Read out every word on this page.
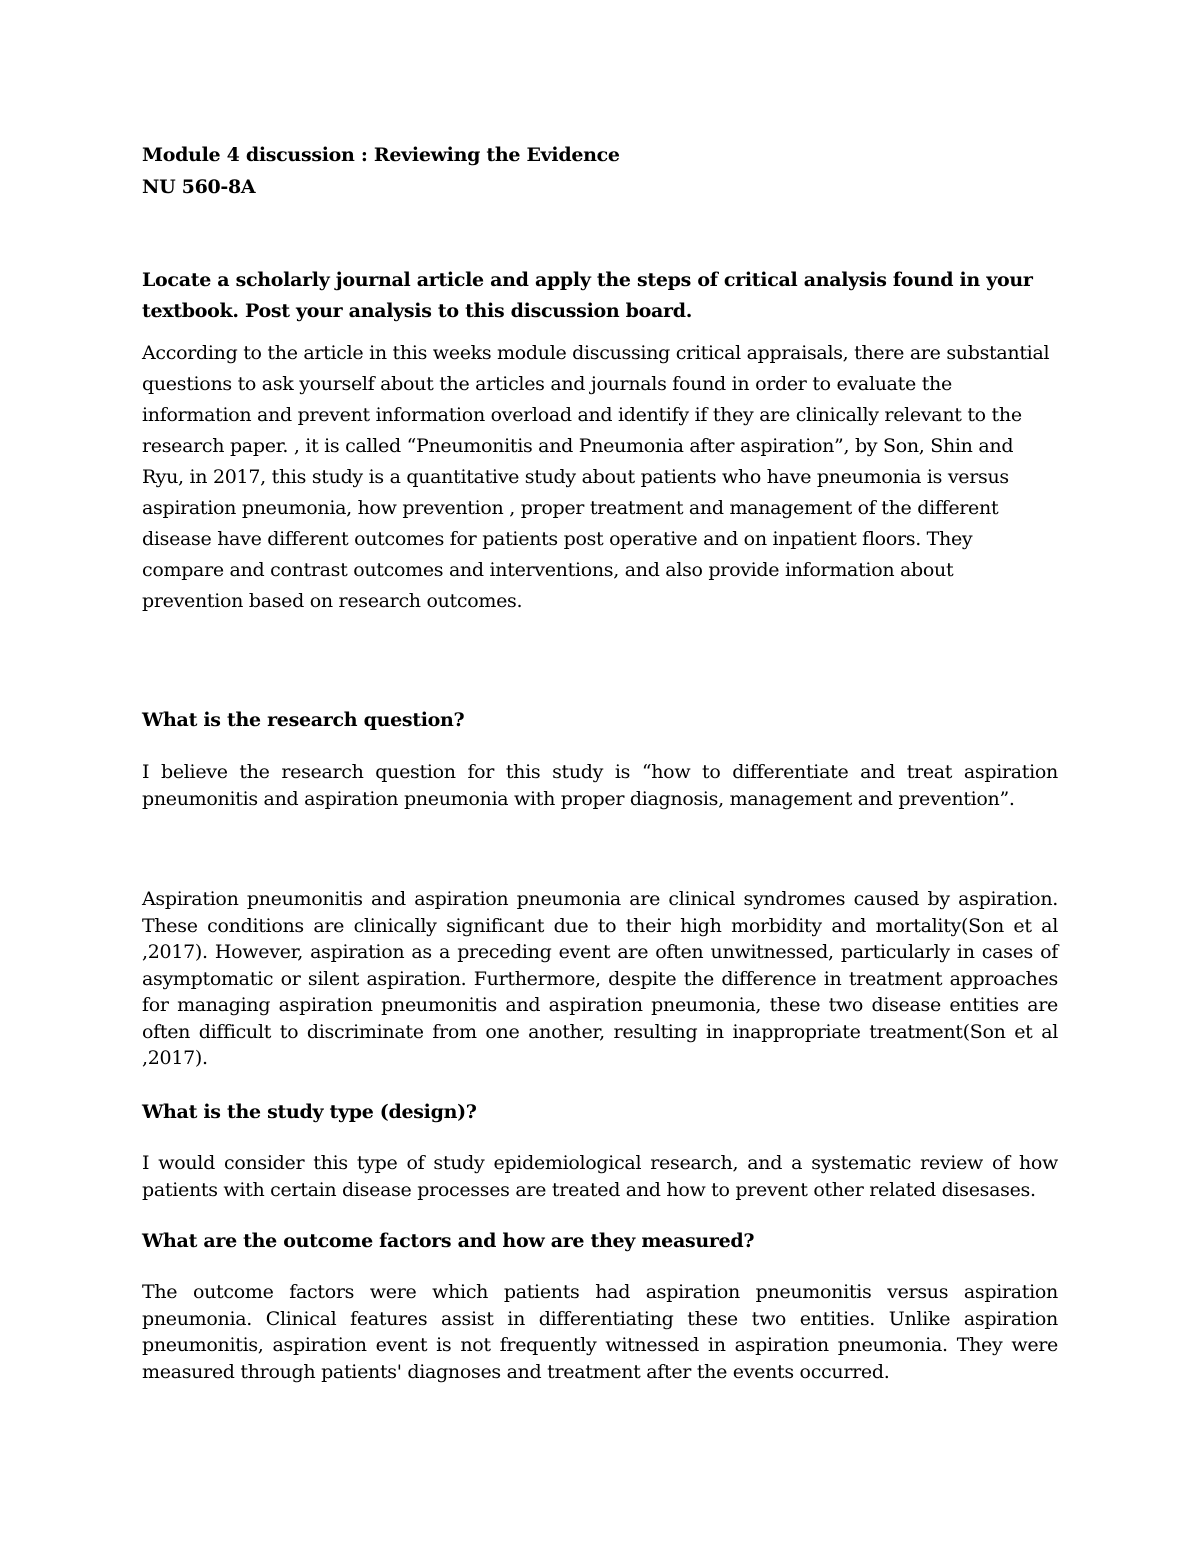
Module 4 discussion : Reviewing the Evidence

NU 560-8A

Locate a scholarly journal article and apply the steps of critical analysis found in your textbook. Post your analysis to this discussion board.

According to the article in this weeks module discussing critical appraisals, there are substantial questions to ask yourself about the articles and journals found in order to evaluate the information and prevent information overload and identify if they are clinically relevant to the research paper. , it is called “Pneumonitis and Pneumonia after aspiration”, by Son, Shin and Ryu, in 2017, this study is a quantitative study about patients who have pneumonia is versus aspiration pneumonia, how prevention , proper treatment and management of the different disease have different outcomes for patients post operative and on inpatient floors. They compare and contrast outcomes and interventions, and also provide information about prevention based on research outcomes.

What is the research question?

I believe the research question for this study is “how to differentiate and treat aspiration pneumonitis and aspiration pneumonia with proper diagnosis, management and prevention”.

Aspiration pneumonitis and aspiration pneumonia are clinical syndromes caused by aspiration. These conditions are clinically significant due to their high morbidity and mortality(Son et al ,2017). However, aspiration as a preceding event are often unwitnessed, particularly in cases of asymptomatic or silent aspiration. Furthermore, despite the difference in treatment approaches for managing aspiration pneumonitis and aspiration pneumonia, these two disease entities are often difficult to discriminate from one another, resulting in inappropriate treatment(Son et al ,2017).

What is the study type (design)?

I would consider this type of study epidemiological research, and a systematic review of how patients with certain disease processes are treated and how to prevent other related disesases.

What are the outcome factors and how are they measured?

The outcome factors were which patients had aspiration pneumonitis versus aspiration pneumonia. Clinical features assist in differentiating these two entities. Unlike aspiration pneumonitis, aspiration event is not frequently witnessed in aspiration pneumonia. They were measured through patients' diagnoses and treatment after the events occurred.
